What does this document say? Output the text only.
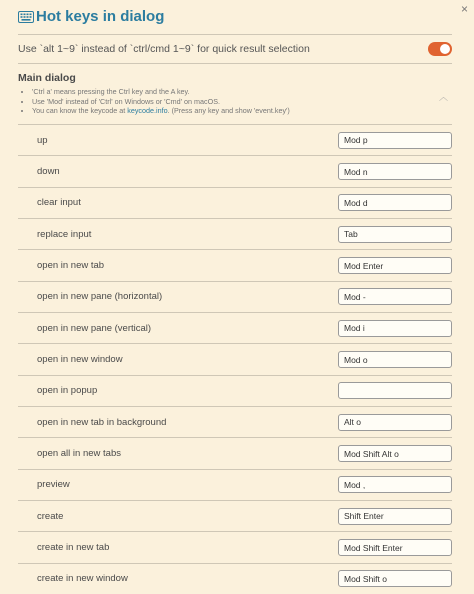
×
Hot keys in dialog
Use `alt 1~9` instead of `ctrl/cmd 1~9` for quick result selection
Main dialog
• 'Ctrl a' means pressing the Ctrl key and the A key.
• Use 'Mod' instead of 'Ctrl' on Windows or 'Cmd' on macOS.
• You can know the keycode at keycode.info. (Press any key and show 'event.key')
︿
up
Mod p
down
Mod n
clear input
Mod d
replace input
Tab
open in new tab
Mod Enter
open in new pane (horizontal)
Mod -
open in new pane (vertical)
Mod i
open in new window
Mod o
open in popup
open in new tab in background
Alt o
open all in new tabs
Mod Shift Alt o
preview
Mod ,
create
Shift Enter
create in new tab
Mod Shift Enter
create in new window
Mod Shift o
